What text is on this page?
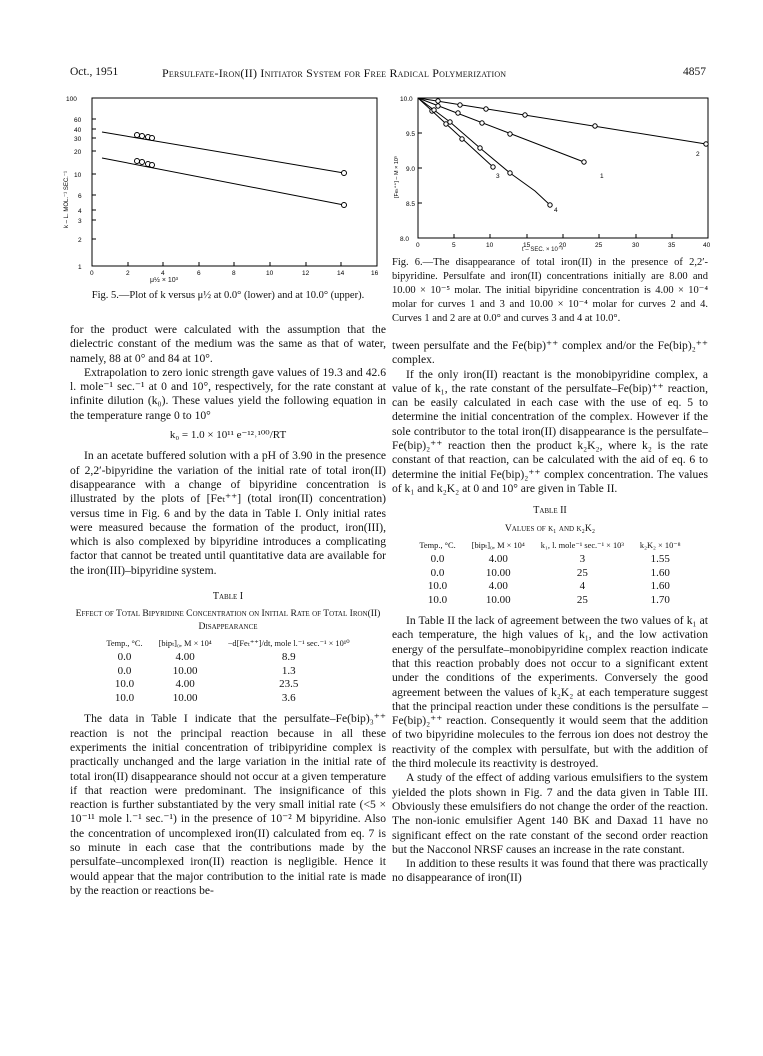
Oct., 1951	Persulfate-Iron(II) Initiator System for Free Radical Polymerization	4857
100
60
40
30
20
10
6
4
3
2
1
0	2	4	6	8	10	12	14	16
k – L. MOL.⁻¹ SEC.⁻¹
μ½ × 10³
Fig. 5.—Plot of k versus μ½ at 0.0° (lower) and at 10.0° (upper).
10.0
9.5
9.0
8.5
8.0
0	5	10	15	20	25	30	35	40
1
2
3
4
[Feₜ⁺⁺] – M × 10⁵
t – SEC. × 10⁻³
Fig. 6.—The disappearance of total iron(II) in the presence of 2,2′-bipyridine. Persulfate and iron(II) concentrations initially are 8.00 and 10.00 × 10⁻⁵ molar. The initial bipyridine concentration is 4.00 × 10⁻⁴ molar for curves 1 and 3 and 10.00 × 10⁻⁴ molar for curves 2 and 4. Curves 1 and 2 are at 0.0° and curves 3 and 4 at 10.0°.

for the product were calculated with the assumption that the dielectric constant of the medium was the same as that of water, namely, 88 at 0° and 84 at 10°.

Extrapolation to zero ionic strength gave values of 19.3 and 42.6 l. mole⁻¹ sec.⁻¹ at 0 and 10°, respectively, for the rate constant at infinite dilution (k₀). These values yield the following equation in the temperature range 0 to 10°

k₀ = 1.0 × 10¹¹ e⁻¹²˒¹⁰⁰/RT

In an acetate buffered solution with a pH of 3.90 in the presence of 2,2′-bipyridine the variation of the initial rate of total iron(II) disappearance with a change of bipyridine concentration is illustrated by the plots of [Feₜ⁺⁺] (total iron(II) concentration) versus time in Fig. 6 and by the data in Table I. Only initial rates were measured because the formation of the product, iron(III), which is also complexed by bipyridine introduces a complicating factor that cannot be treated until quantitative data are available for the iron(III)–bipyridine system.

Table I
Effect of Total Bipyridine Concentration on Initial Rate of Total Iron(II) Disappearance
Temp., °C.	[bipₜ]₀, M × 10⁴	−d[Feₜ⁺⁺]/dt, mole l.⁻¹ sec.⁻¹ × 10¹⁰
0.0	4.00	8.9
0.0	10.00	1.3
10.0	4.00	23.5
10.0	10.00	3.6

The data in Table I indicate that the persulfate–Fe(bip)₃⁺⁺ reaction is not the principal reaction because in all these experiments the initial concentration of tribipyridine complex is practically unchanged and the large variation in the initial rate of total iron(II) disappearance should not occur at a given temperature if that reaction were predominant. The insignificance of this reaction is further substantiated by the very small initial rate (<5 × 10⁻¹¹ mole l.⁻¹ sec.⁻¹) in the presence of 10⁻² M bipyridine. Also the concentration of uncomplexed iron(II) calculated from eq. 7 is so minute in each case that the contributions made by the persulfate–uncomplexed iron(II) reaction is negligible. Hence it would appear that the major contribution to the initial rate is made by the reaction or reactions be-

tween persulfate and the Fe(bip)⁺⁺ complex and/or the Fe(bip)₂⁺⁺ complex.

If the only iron(II) reactant is the monobipyridine complex, a value of k₁, the rate constant of the persulfate–Fe(bip)⁺⁺ reaction, can be easily calculated in each case with the use of eq. 5 to determine the initial concentration of the complex. However if the sole contributor to the total iron(II) disappearance is the persulfate–Fe(bip)₂⁺⁺ reaction then the product k₂K₂, where k₂ is the rate constant of that reaction, can be calculated with the aid of eq. 6 to determine the initial Fe(bip)₂⁺⁺ complex concentration. The values of k₁ and k₂K₂ at 0 and 10° are given in Table II.

Table II
Values of k₁ and k₂K₂
Temp., °C.	[bipₜ]₀, M × 10⁴	k₁, l. mole⁻¹ sec.⁻¹ × 10³	k₂K₂ × 10⁻⁸
0.0	4.00	3	1.55
0.0	10.00	25	1.60
10.0	4.00	4	1.60
10.0	10.00	25	1.70

In Table II the lack of agreement between the two values of k₁ at each temperature, the high values of k₁, and the low activation energy of the persulfate–monobipyridine complex reaction indicate that this reaction probably does not occur to a significant extent under the conditions of the experiments. Conversely the good agreement between the values of k₂K₂ at each temperature suggest that the principal reaction under these conditions is the persulfate –Fe(bip)₂⁺⁺ reaction. Consequently it would seem that the addition of two bipyridine molecules to the ferrous ion does not destroy the reactivity of the complex with persulfate, but with the addition of the third molecule its reactivity is destroyed.

A study of the effect of adding various emulsifiers to the system yielded the plots shown in Fig. 7 and the data given in Table III. Obviously these emulsifiers do not change the order of the reaction. The non-ionic emulsifier Agent 140 BK and Daxad 11 have no significant effect on the rate constant of the second order reaction but the Nacconol NRSF causes an increase in the rate constant.

In addition to these results it was found that there was practically no disappearance of iron(II)
